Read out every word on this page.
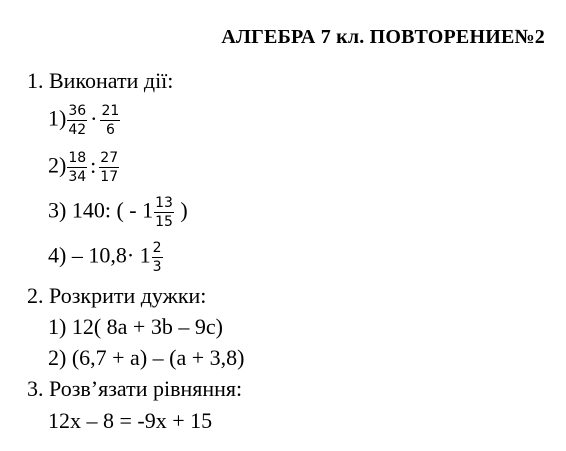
АЛГЕБРА 7 кл. ПОВТОРЕНИЕ№2
1. Виконати дії:
$1) \frac{36}{42} \cdot \frac{21}{6}$
$2) \frac{18}{34}$ : $\frac{27}{17}$
3) 140: ( - $1 \frac{13}{15}$ )
$4) - 10,8\cdot 1 \frac{2}{3}$
2. Розкрити дужки:
1) 12( 8a + 3b – 9c)
2) (6,7 + a) – (a + 3,8)
3. Розв’язати рівняння:
12x – 8 = -9x + 15
